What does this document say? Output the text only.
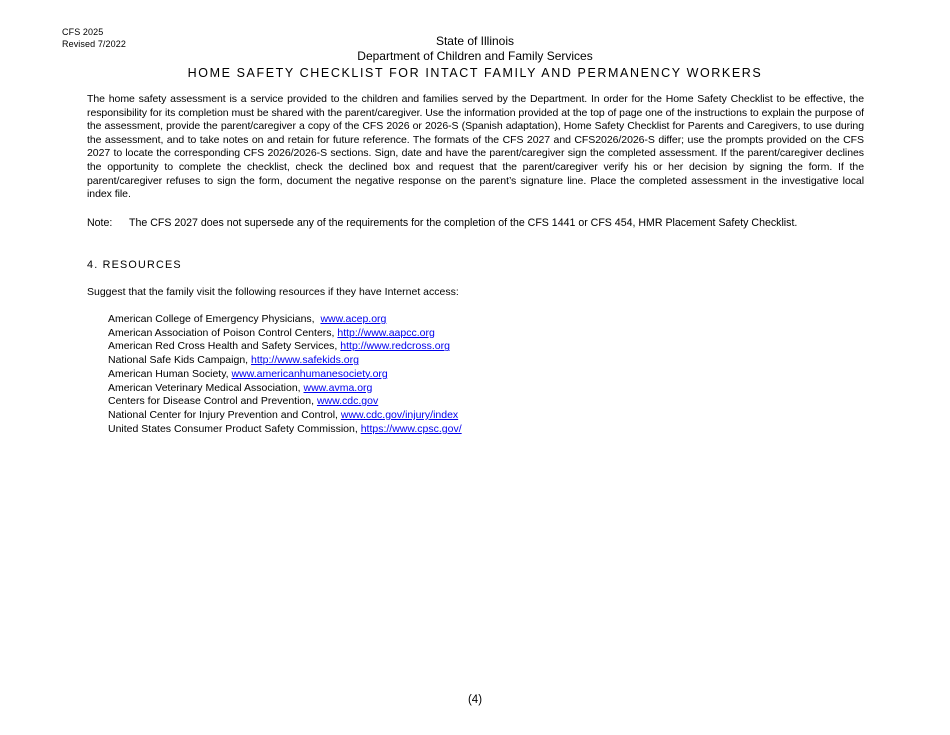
CFS 2025
Revised 7/2022	State of Illinois
Department of Children and Family Services
HOME SAFETY CHECKLIST FOR INTACT FAMILY AND PERMANENCY WORKERS

The home safety assessment is a service provided to the children and families served by the Department. In order for the Home Safety Checklist to be effective, the responsibility for its completion must be shared with the parent/caregiver. Use the information provided at the top of page one of the instructions to explain the purpose of the assessment, provide the parent/caregiver a copy of the CFS 2026 or 2026-S (Spanish adaptation), Home Safety Checklist for Parents and Caregivers, to use during the assessment, and to take notes on and retain for future reference. The formats of the CFS 2027 and CFS2026/2026-S differ; use the prompts provided on the CFS 2027 to locate the corresponding CFS 2026/2026-S sections. Sign, date and have the parent/caregiver sign the completed assessment. If the parent/caregiver declines the opportunity to complete the checklist, check the declined box and request that the parent/caregiver verify his or her decision by signing the form. If the parent/caregiver refuses to sign the form, document the negative response on the parent’s signature line. Place the completed assessment in the investigative local index file.

Note: The CFS 2027 does not supersede any of the requirements for the completion of the CFS 1441 or CFS 454, HMR Placement Safety Checklist.
4. RESOURCES
Suggest that the family visit the following resources if they have Internet access:
American College of Emergency Physicians,  www.acep.org
American Association of Poison Control Centers, http://www.aapcc.org
American Red Cross Health and Safety Services, http://www.redcross.org
National Safe Kids Campaign, http://www.safekids.org
American Human Society, www.americanhumanesociety.org
American Veterinary Medical Association, www.avma.org
Centers for Disease Control and Prevention, www.cdc.gov
National Center for Injury Prevention and Control, www.cdc.gov/injury/index
United States Consumer Product Safety Commission, https://www.cpsc.gov/
(4)
